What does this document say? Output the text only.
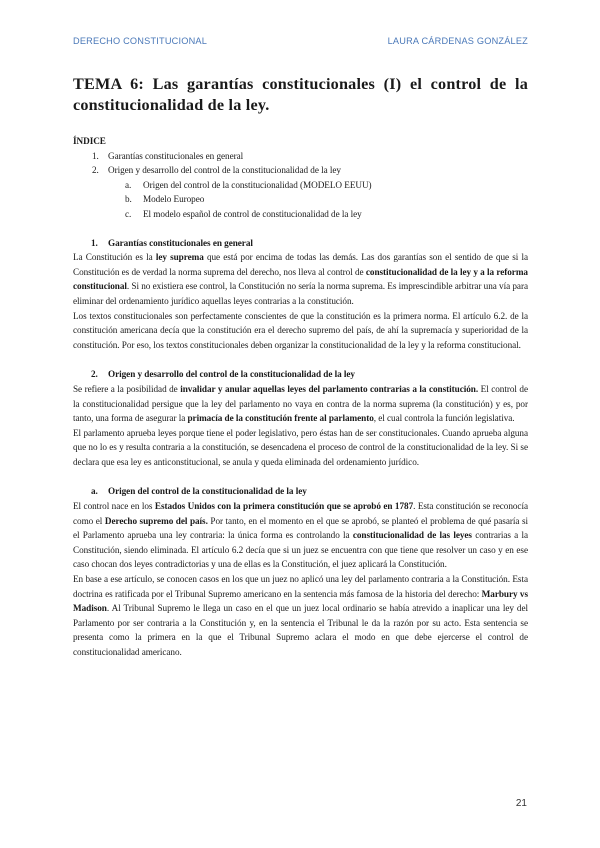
DERECHO CONSTITUCIONAL	LAURA CÁRDENAS GONZÁLEZ
TEMA 6: Las garantías constitucionales (I) el control de la constitucionalidad de la ley.

ÍNDICE

1. Garantías constitucionales en general
2. Origen y desarrollo del control de la constitucionalidad de la ley
a. Origen del control de la constitucionalidad (MODELO EEUU)
b. Modelo Europeo
c. El modelo español de control de constitucionalidad de la ley
1. Garantías constitucionales en general

La Constitución es la ley suprema que está por encima de todas las demás. Las dos garantías son el sentido de que si la Constitución es de verdad la norma suprema del derecho, nos lleva al control de constitucionalidad de la ley y a la reforma constitucional. Si no existiera ese control, la Constitución no sería la norma suprema. Es imprescindible arbitrar una vía para eliminar del ordenamiento jurídico aquellas leyes contrarias a la constitución.

Los textos constitucionales son perfectamente conscientes de que la constitución es la primera norma. El artículo 6.2. de la constitución americana decía que la constitución era el derecho supremo del país, de ahí la supremacía y superioridad de la constitución. Por eso, los textos constitucionales deben organizar la constitucionalidad de la ley y la reforma constitucional.

2. Origen y desarrollo del control de la constitucionalidad de la ley

Se refiere a la posibilidad de invalidar y anular aquellas leyes del parlamento contrarias a la constitución. El control de la constitucionalidad persigue que la ley del parlamento no vaya en contra de la norma suprema (la constitución) y es, por tanto, una forma de asegurar la primacía de la constitución frente al parlamento, el cual controla la función legislativa.

El parlamento aprueba leyes porque tiene el poder legislativo, pero éstas han de ser constitucionales. Cuando aprueba alguna que no lo es y resulta contraria a la constitución, se desencadena el proceso de control de la constitucionalidad de la ley. Si se declara que esa ley es anticonstitucional, se anula y queda eliminada del ordenamiento jurídico.

a. Origen del control de la constitucionalidad de la ley

El control nace en los Estados Unidos con la primera constitución que se aprobó en 1787. Esta constitución se reconocía como el Derecho supremo del país. Por tanto, en el momento en el que se aprobó, se planteó el problema de qué pasaría si el Parlamento aprueba una ley contraria: la única forma es controlando la constitucionalidad de las leyes contrarias a la Constitución, siendo eliminada. El artículo 6.2 decía que si un juez se encuentra con que tiene que resolver un caso y en ese caso chocan dos leyes contradictorias y una de ellas es la Constitución, el juez aplicará la Constitución.

En base a ese artículo, se conocen casos en los que un juez no aplicó una ley del parlamento contraria a la Constitución. Esta doctrina es ratificada por el Tribunal Supremo americano en la sentencia más famosa de la historia del derecho: Marbury vs Madison. Al Tribunal Supremo le llega un caso en el que un juez local ordinario se había atrevido a inaplicar una ley del Parlamento por ser contraria a la Constitución y, en la sentencia el Tribunal le da la razón por su acto. Esta sentencia se presenta como la primera en la que el Tribunal Supremo aclara el modo en que debe ejercerse el control de constitucionalidad americano.

21
